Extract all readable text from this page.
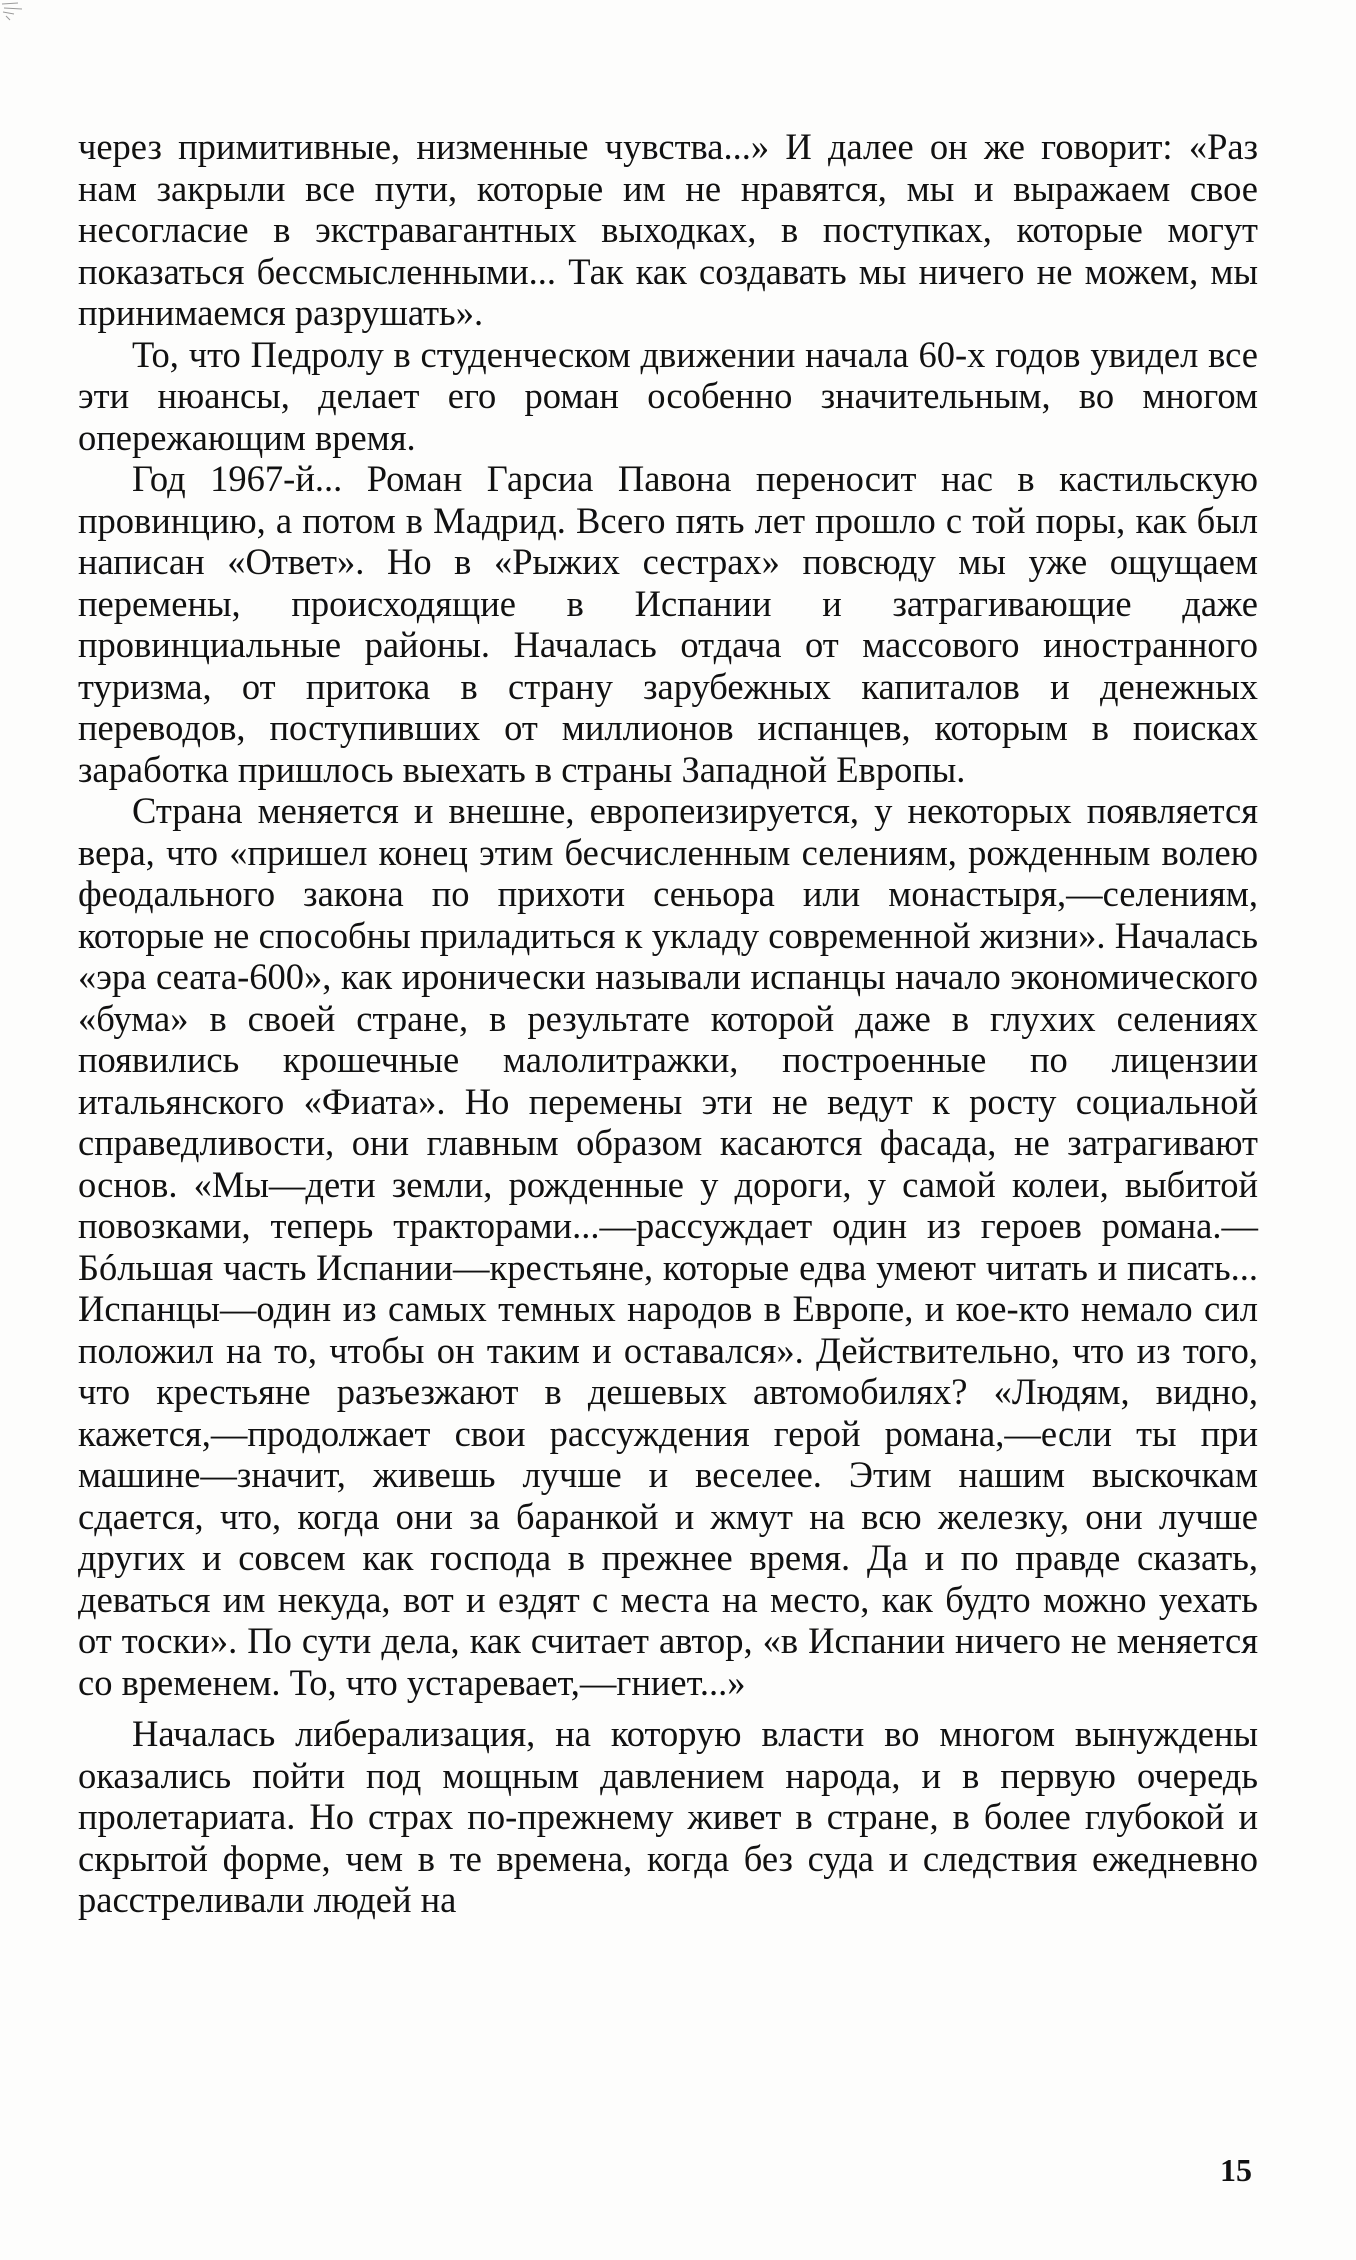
через примитивные, низменные чувства...» И далее он же говорит: «Раз нам закрыли все пути, которые им не нравятся, мы и выражаем свое несогласие в экстравагантных выходках, в поступках, которые могут показаться бессмысленными... Так как создавать мы ничего не можем, мы принимаемся разрушать».

То, что Педролу в студенческом движении начала 60-х годов увидел все эти нюансы, делает его роман особенно значительным, во многом опережающим время.

Год 1967-й... Роман Гарсиа Павона переносит нас в кастильскую провинцию, а потом в Мадрид. Всего пять лет прошло с той поры, как был написан «Ответ». Но в «Рыжих сестрах» повсюду мы уже ощущаем перемены, происходящие в Испании и затрагивающие даже провинциальные районы. Началась отдача от массового иностранного туризма, от притока в страну зарубежных капиталов и денежных переводов, поступивших от миллионов испанцев, которым в поисках заработка пришлось выехать в страны Западной Европы.

Страна меняется и внешне, европеизируется, у некоторых появляется вера, что «пришел конец этим бесчисленным селениям, рожденным волею феодального закона по прихоти сеньора или монастыря,—селениям, которые не способны приладиться к укладу современной жизни». Началась «эра сеата-600», как иронически называли испанцы начало экономического «бума» в своей стране, в результате которой даже в глухих селениях появились крошечные малолитражки, построенные по лицензии итальянского «Фиата». Но перемены эти не ведут к росту социальной справедливости, они главным образом касаются фасада, не затрагивают основ. «Мы—дети земли, рожденные у дороги, у самой колеи, выбитой повозками, теперь тракторами...—рассуждает один из героев романа.—Бóльшая часть Испании—крестьяне, которые едва умеют читать и писать... Испанцы—один из самых темных народов в Европе, и кое-кто немало сил положил на то, чтобы он таким и оставался». Действительно, что из того, что крестьяне разъезжают в дешевых автомобилях? «Людям, видно, кажется,—продолжает свои рассуждения герой романа,—если ты при машине—значит, живешь лучше и веселее. Этим нашим выскочкам сдается, что, когда они за баранкой и жмут на всю железку, они лучше других и совсем как господа в прежнее время. Да и по правде сказать, деваться им некуда, вот и ездят с места на место, как будто можно уехать от тоски». По сути дела, как считает автор, «в Испании ничего не меняется со временем. То, что устаревает,—гниет...»

Началась либерализация, на которую власти во многом вынуждены оказались пойти под мощным давлением народа, и в первую очередь пролетариата. Но страх по-прежнему живет в стране, в более глубокой и скрытой форме, чем в те времена, когда без суда и следствия ежедневно расстреливали людей на

15
